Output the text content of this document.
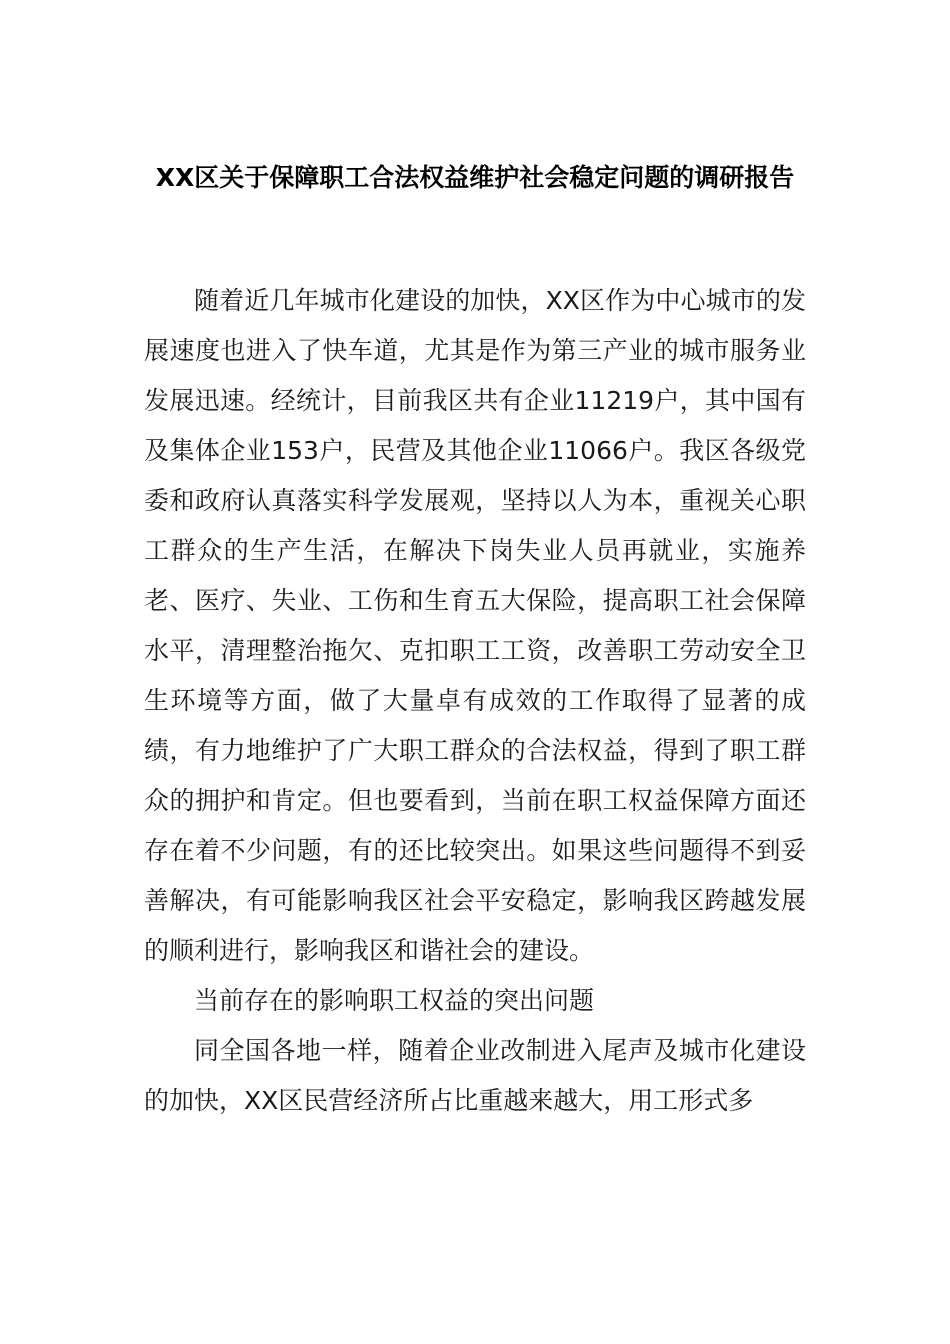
XX区关于保障职工合法权益维护社会稳定问题的调研报告

随着近几年城市化建设的加快，XX区作为中心城市的发展速度也进入了快车道，尤其是作为第三产业的城市服务业发展迅速。经统计，目前我区共有企业11219户，其中国有及集体企业153户，民营及其他企业11066户。我区各级党委和政府认真落实科学发展观，坚持以人为本，重视关心职工群众的生产生活，在解决下岗失业人员再就业，实施养老、医疗、失业、工伤和生育五大保险，提高职工社会保障水平，清理整治拖欠、克扣职工工资，改善职工劳动安全卫生环境等方面，做了大量卓有成效的工作取得了显著的成绩，有力地维护了广大职工群众的合法权益，得到了职工群众的拥护和肯定。但也要看到，当前在职工权益保障方面还存在着不少问题，有的还比较突出。如果这些问题得不到妥善解决，有可能影响我区社会平安稳定，影响我区跨越发展的顺利进行，影响我区和谐社会的建设。

当前存在的影响职工权益的突出问题

同全国各地一样，随着企业改制进入尾声及城市化建设的加快，XX区民营经济所占比重越来越大，用工形式多
